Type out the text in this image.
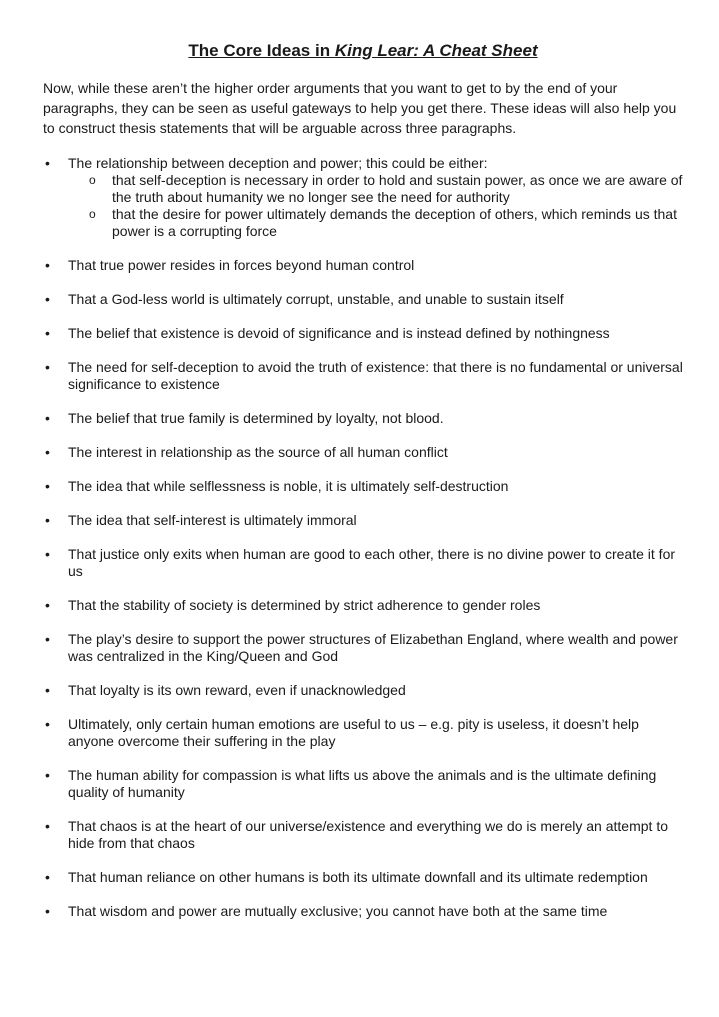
The Core Ideas in King Lear: A Cheat Sheet

Now, while these aren’t the higher order arguments that you want to get to by the end of your paragraphs, they can be seen as useful gateways to help you get there. These ideas will also help you to construct thesis statements that will be arguable across three paragraphs.

• The relationship between deception and power; this could be either:
o that self-deception is necessary in order to hold and sustain power, as once we are aware of the truth about humanity we no longer see the need for authority
o that the desire for power ultimately demands the deception of others, which reminds us that power is a corrupting force
• That true power resides in forces beyond human control
• That a God-less world is ultimately corrupt, unstable, and unable to sustain itself
• The belief that existence is devoid of significance and is instead defined by nothingness
• The need for self-deception to avoid the truth of existence: that there is no fundamental or universal significance to existence
• The belief that true family is determined by loyalty, not blood.
• The interest in relationship as the source of all human conflict
• The idea that while selflessness is noble, it is ultimately self-destruction
• The idea that self-interest is ultimately immoral
• That justice only exits when human are good to each other, there is no divine power to create it for us
• That the stability of society is determined by strict adherence to gender roles
• The play’s desire to support the power structures of Elizabethan England, where wealth and power was centralized in the King/Queen and God
• That loyalty is its own reward, even if unacknowledged
• Ultimately, only certain human emotions are useful to us – e.g. pity is useless, it doesn’t help anyone overcome their suffering in the play
• The human ability for compassion is what lifts us above the animals and is the ultimate defining quality of humanity
• That chaos is at the heart of our universe/existence and everything we do is merely an attempt to hide from that chaos
• That human reliance on other humans is both its ultimate downfall and its ultimate redemption
• That wisdom and power are mutually exclusive; you cannot have both at the same time
